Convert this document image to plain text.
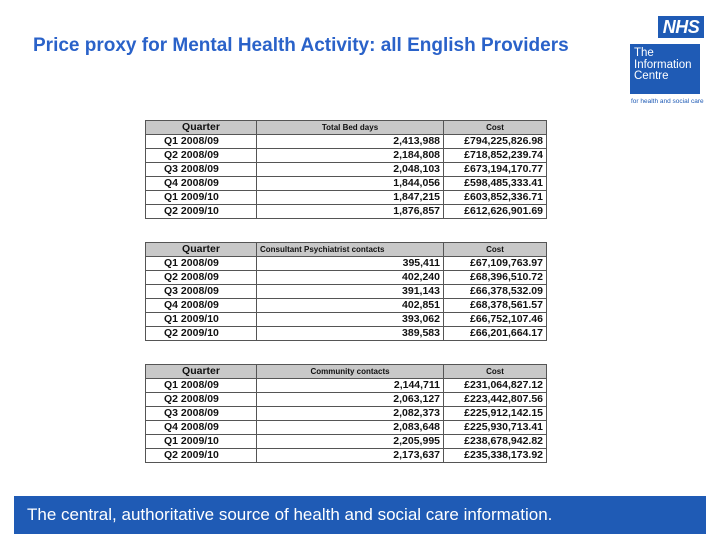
Price proxy for Mental Health Activity: all English Providers
NHS
The
Information
Centre
for health and social care
Quarter	Total Bed days	Cost
Q1 2008/09	2,413,988	£794,225,826.98
Q2 2008/09	2,184,808	£718,852,239.74
Q3 2008/09	2,048,103	£673,194,170.77
Q4 2008/09	1,844,056	£598,485,333.41
Q1 2009/10	1,847,215	£603,852,336.71
Q2 2009/10	1,876,857	£612,626,901.69
Quarter	Consultant Psychiatrist contacts	Cost
Q1 2008/09	395,411	£67,109,763.97
Q2 2008/09	402,240	£68,396,510.72
Q3 2008/09	391,143	£66,378,532.09
Q4 2008/09	402,851	£68,378,561.57
Q1 2009/10	393,062	£66,752,107.46
Q2 2009/10	389,583	£66,201,664.17
Quarter	Community contacts	Cost
Q1 2008/09	2,144,711	£231,064,827.12
Q2 2008/09	2,063,127	£223,442,807.56
Q3 2008/09	2,082,373	£225,912,142.15
Q4 2008/09	2,083,648	£225,930,713.41
Q1 2009/10	2,205,995	£238,678,942.82
Q2 2009/10	2,173,637	£235,338,173.92
The central, authoritative source of health and social care information.
